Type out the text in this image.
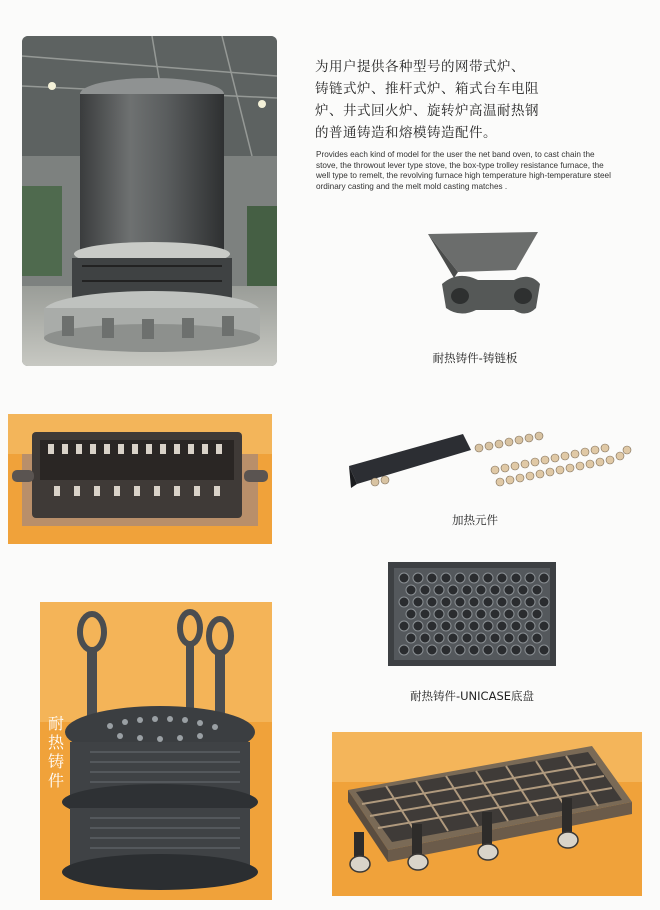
为用户提供各种型号的网带式炉、
铸链式炉、推杆式炉、箱式台车电阻
炉、井式回火炉、旋转炉高温耐热钢
的普通铸造和熔模铸造配件。
Provides each kind of model for the user the net band oven, to cast chain the stove, the throwout lever type stove, the box-type trolley resistance furnace, the well type to remelt, the revolving furnace high temperature high-temperature steel ordinary casting and the melt mold casting matches .
耐热铸件-铸链板
加热元件
耐热铸件
耐热铸件-UNICASE底盘
